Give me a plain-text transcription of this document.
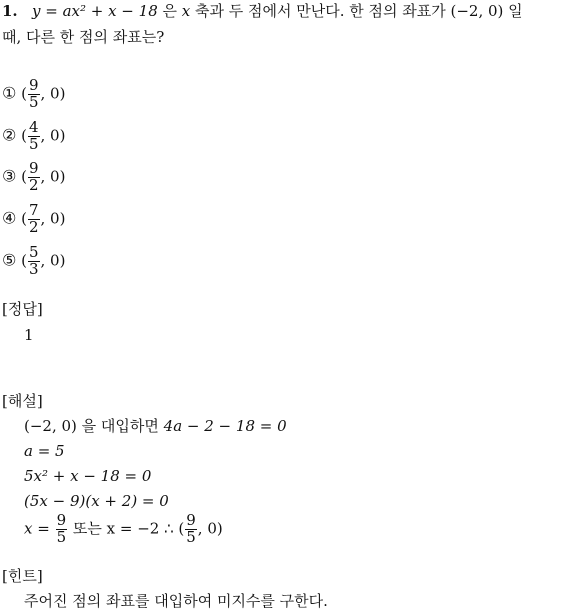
1. y = ax² + x − 18 은 x 축과 두 점에서 만난다. 한 점의 좌표가 (−2, 0) 일
때, 다른 한 점의 좌표는?
① ( $\frac{9}{5}$ , 0)
② ( $\frac{4}{5}$ , 0)
③ ( $\frac{9}{2}$ , 0)
④ ( $\frac{7}{2}$ , 0)
⑤ ( $\frac{5}{3}$ , 0)
[정답]
1
[해설]
(−2, 0) 을 대입하면 4a − 2 − 18 = 0
a = 5
5x² + x − 18 = 0
(5x − 9)(x + 2) = 0
$x = \frac{9}{5}$ 또는 x = −2 ∴ ( $\frac{9}{5}$ , 0)
[힌트]
주어진 점의 좌표를 대입하여 미지수를 구한다.
